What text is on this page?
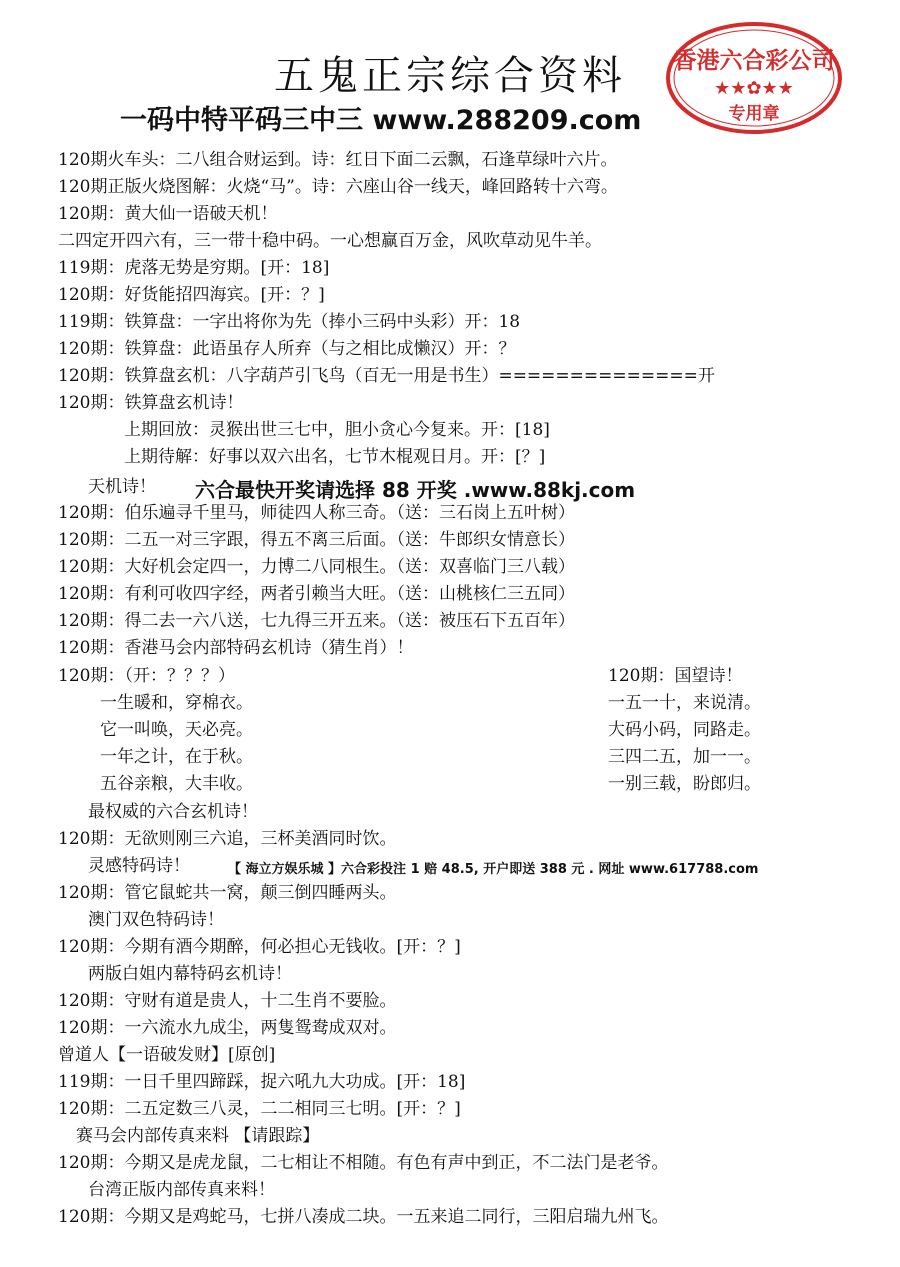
五鬼正宗综合资料
一码中特平码三中三 www.288209.com
香港六合彩公司
★★✿★★
专用章
120期火车头：二八组合财运到。诗：红日下面二云飘，石逢草绿叶六片。
120期正版火烧图解：火烧“马”。诗：六座山谷一线天，峰回路转十六弯。
120期：黄大仙一语破天机！
二四定开四六有，三一带十稳中码。一心想赢百万金，风吹草动见牛羊。
119期：虎落无势是穷期。[开：18]
120期：好货能招四海宾。[开：？]
119期：铁算盘：一字出将你为先（捧小三码中头彩）开：18
120期：铁算盘：此语虽存人所弃（与之相比成懒汉）开：？
120期：铁算盘玄机：八字葫芦引飞鸟（百无一用是书生）==============开
120期：铁算盘玄机诗！
上期回放：灵猴出世三七中，胆小贪心今复来。开：[18]
上期待解：好事以双六出名，七节木棍观日月。开：[？]
天机诗！ 六合最快开奖请选择 88 开奖 .www.88kj.com
120期：伯乐遍寻千里马，师徒四人称三奇。（送：三石岗上五叶树）
120期：二五一对三字跟，得五不离三后面。（送：牛郎织女情意长）
120期：大好机会定四一，力博二八同根生。（送：双喜临门三八载）
120期：有利可收四字经，两者引赖当大旺。（送：山桃核仁三五同）
120期：得二去一六八送，七九得三开五来。（送：被压石下五百年）
120期：香港马会内部特码玄机诗（猜生肖）！
120期：（开：？？？）
一生暖和，穿棉衣。
它一叫唤，天必亮。
一年之计，在于秋。
五谷亲粮，大丰收。
120期：国望诗！
一五一十，来说清。
大码小码，同路走。
三四二五，加一一。
一别三载，盼郎归。
最权威的六合玄机诗！
120期：无欲则刚三六追，三杯美酒同时饮。
灵感特码诗！	【 海立方娱乐城 】六合彩投注 1 赔 48.5, 开户即送 388 元 . 网址 www.617788.com
120期：管它鼠蛇共一窝，颠三倒四睡两头。
澳门双色特码诗！
120期：今期有酒今期醉，何必担心无钱收。[开：？]
两版白姐内幕特码玄机诗！
120期：守财有道是贵人，十二生肖不要脸。
120期：一六流水九成尘，两隻鸳鸯成双对。
曾道人【一语破发财】[原创]
119期：一日千里四蹄踩，捉六吼九大功成。[开：18]
120期：二五定数三八灵，二二相同三七明。[开：？]
赛马会内部传真来料 【请跟踪】
120期：今期又是虎龙鼠，二七相让不相随。有色有声中到正，不二法门是老爷。
台湾正版内部传真来料！
120期：今期又是鸡蛇马，七拼八凑成二块。一五来追二同行，三阳启瑞九州飞。
